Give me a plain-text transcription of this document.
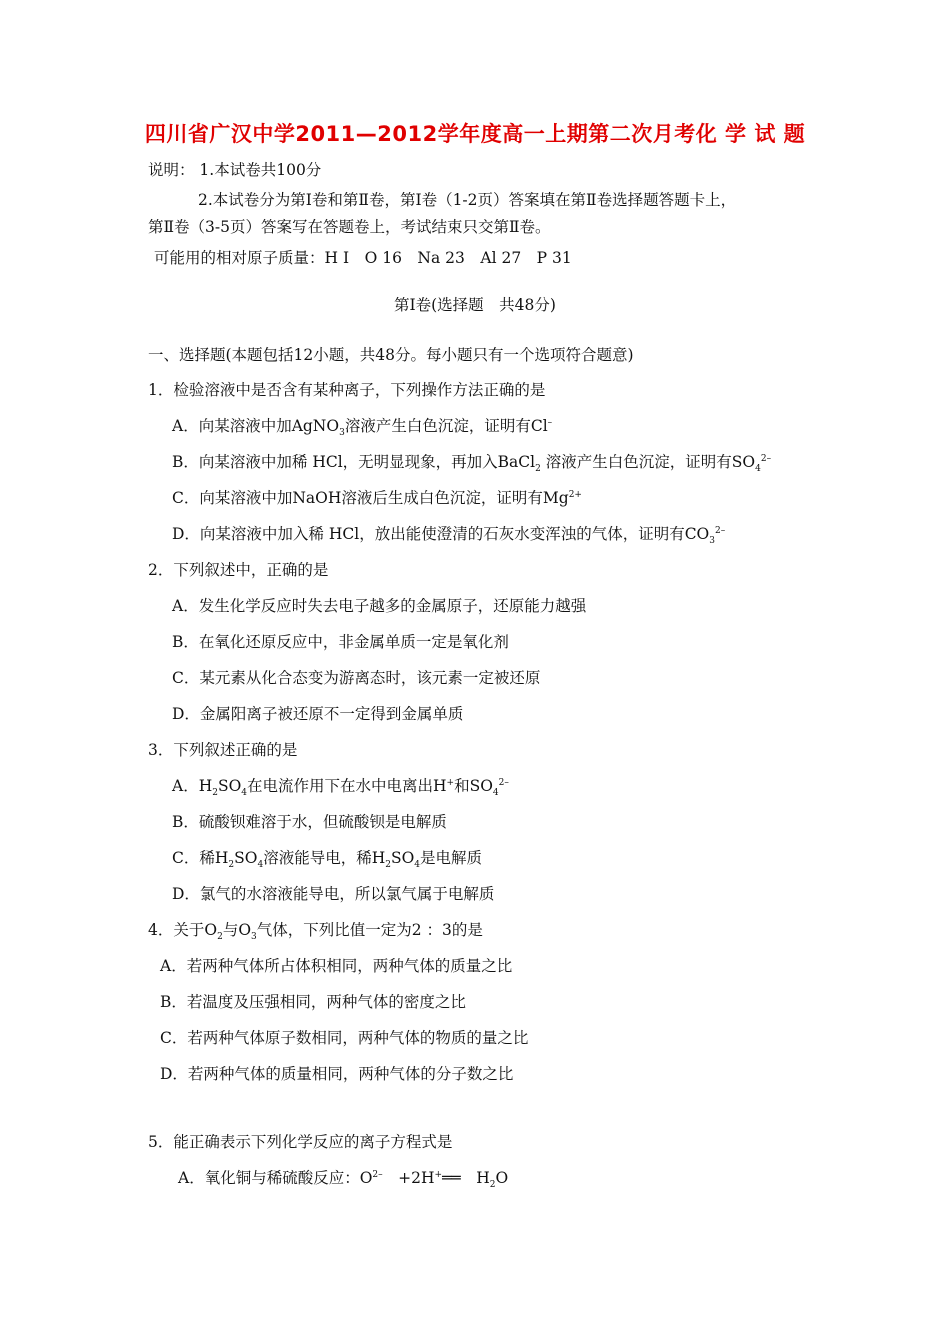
四川省广汉中学2011—2012学年度高一上期第二次月考化 学 试 题
说明： 1.本试卷共100分
2.本试卷分为第Ⅰ卷和第Ⅱ卷，第Ⅰ卷（1-2页）答案填在第Ⅱ卷选择题答题卡上，
第Ⅱ卷（3-5页）答案写在答题卷上，考试结束只交第Ⅱ卷。
可能用的相对原子质量：H I　O 16　Na 23　Al 27　P 31
第Ⅰ卷(选择题　共48分)
一、选择题(本题包括12小题，共48分。每小题只有一个选项符合题意)
1．检验溶液中是否含有某种离子，下列操作方法正确的是
A．向某溶液中加AgNO$_3$溶液产生白色沉淀，证明有Cl–
B．向某溶液中加稀 HCl，无明显现象，再加入BaCl$_2$ 溶液产生白色沉淀，证明有$SO_4^{2-}$
C．向某溶液中加NaOH溶液后生成白色沉淀，证明有$Mg^{2+}$
D．向某溶液中加入稀 HCl，放出能使澄清的石灰水变浑浊的气体，证明有$CO_3^{2-}$
2．下列叙述中，正确的是
A．发生化学反应时失去电子越多的金属原子，还原能力越强
B．在氧化还原反应中，非金属单质一定是氧化剂
C．某元素从化合态变为游离态时，该元素一定被还原
D．金属阳离子被还原不一定得到金属单质
3．下列叙述正确的是
A．$H_2SO_4$在电流作用下在水中电离出H+和$SO_4^{2-}$
B．硫酸钡难溶于水，但硫酸钡是电解质
C．稀$H_2SO_4$溶液能导电，稀$H_2SO_4$是电解质
D．氯气的水溶液能导电，所以氯气属于电解质
4．关于$O_2$与$O_3$气体，下列比值一定为2 ：3的是
A．若两种气体所占体积相同，两种气体的质量之比
B．若温度及压强相同，两种气体的密度之比
C．若两种气体原子数相同，两种气体的物质的量之比
D．若两种气体的质量相同，两种气体的分子数之比
5．能正确表示下列化学反应的离子方程式是
A．氧化铜与稀硫酸反应：$O^{2-}$　+2H+══　$H_2O$
